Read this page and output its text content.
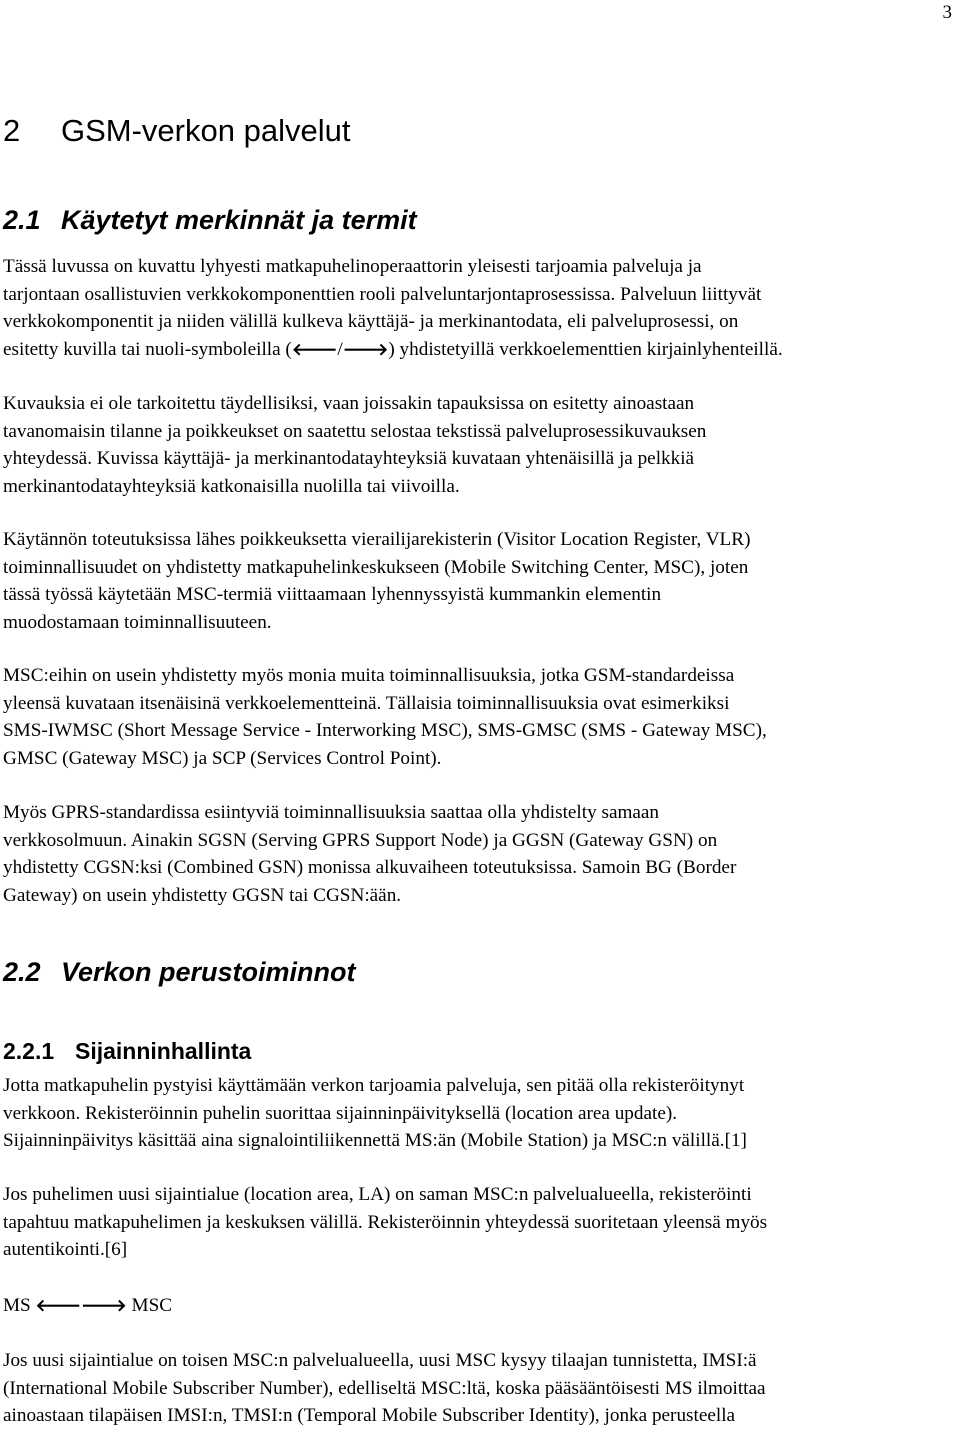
3
2 GSM-verkon palvelut
2.1 Käytetyt merkinnät ja termit
Tässä luvussa on kuvattu lyhyesti matkapuhelinoperaattorin yleisesti tarjoamia palveluja ja
tarjontaan osallistuvien verkkokomponenttien rooli palveluntarjontaprosessissa. Palveluun liittyvät
verkkokomponentit ja niiden välillä kulkeva käyttäjä- ja merkinantodata, eli palveluprosessi, on
esitetty kuvilla tai nuoli-symboleilla (🡐/🡒) yhdistetyillä verkkoelementtien kirjainlyhenteillä.
Kuvauksia ei ole tarkoitettu täydellisiksi, vaan joissakin tapauksissa on esitetty ainoastaan
tavanomaisin tilanne ja poikkeukset on saatettu selostaa tekstissä palveluprosessikuvauksen
yhteydessä. Kuvissa käyttäjä- ja merkinantodatayhteyksiä kuvataan yhtenäisillä ja pelkkiä
merkinantodatayhteyksiä katkonaisilla nuolilla tai viivoilla.
Käytännön toteutuksissa lähes poikkeuksetta vierailijarekisterin (Visitor Location Register, VLR)
toiminnallisuudet on yhdistetty matkapuhelinkeskukseen (Mobile Switching Center, MSC), joten
tässä työssä käytetään MSC-termiä viittaamaan lyhennyssyistä kummankin elementin
muodostamaan toiminnallisuuteen.
MSC:eihin on usein yhdistetty myös monia muita toiminnallisuuksia, jotka GSM-standardeissa
yleensä kuvataan itsenäisinä verkkoelementteinä. Tällaisia toiminnallisuuksia ovat esimerkiksi
SMS-IWMSC (Short Message Service - Interworking MSC), SMS-GMSC (SMS - Gateway MSC),
GMSC (Gateway MSC) ja SCP (Services Control Point).
Myös GPRS-standardissa esiintyviä toiminnallisuuksia saattaa olla yhdistelty samaan
verkkosolmuun. Ainakin SGSN (Serving GPRS Support Node) ja GGSN (Gateway GSN) on
yhdistetty CGSN:ksi (Combined GSN) monissa alkuvaiheen toteutuksissa. Samoin BG (Border
Gateway) on usein yhdistetty GGSN tai CGSN:ään.
2.2 Verkon perustoiminnot
2.2.1 Sijainninhallinta
Jotta matkapuhelin pystyisi käyttämään verkon tarjoamia palveluja, sen pitää olla rekisteröitynyt
verkkoon. Rekisteröinnin puhelin suorittaa sijainninpäivityksellä (location area update).
Sijainninpäivitys käsittää aina signalointiliikennettä MS:än (Mobile Station) ja MSC:n välillä.[1]
Jos puhelimen uusi sijaintialue (location area, LA) on saman MSC:n palvelualueella, rekisteröinti
tapahtuu matkapuhelimen ja keskuksen välillä. Rekisteröinnin yhteydessä suoritetaan yleensä myös
autentikointi.[6]
MS 🡐🡒 MSC
Jos uusi sijaintialue on toisen MSC:n palvelualueella, uusi MSC kysyy tilaajan tunnistetta, IMSI:ä
(International Mobile Subscriber Number), edelliseltä MSC:ltä, koska pääsääntöisesti MS ilmoittaa
ainoastaan tilapäisen IMSI:n, TMSI:n (Temporal Mobile Subscriber Identity), jonka perusteella
